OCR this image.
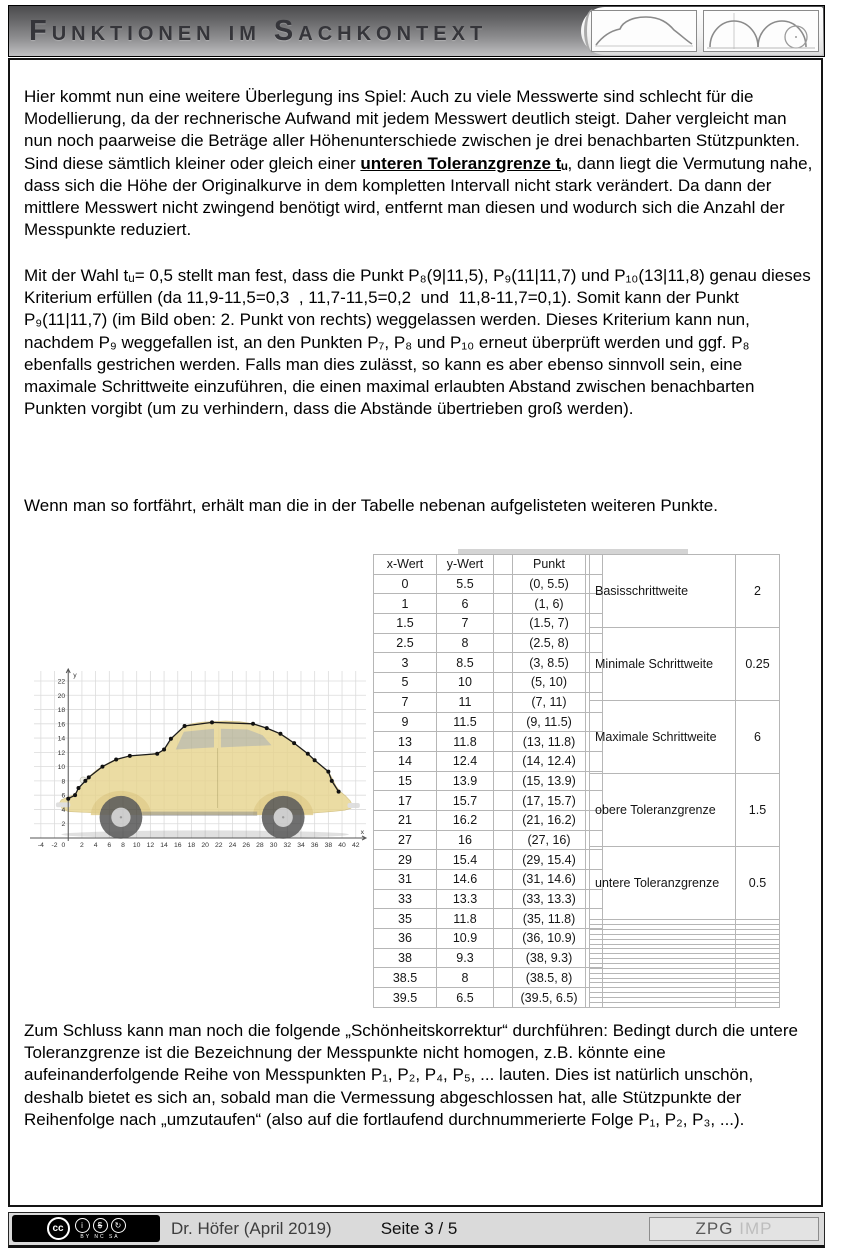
Funktionen im Sachkontext

Hier kommt nun eine weitere Überlegung ins Spiel: Auch zu viele Messwerte sind schlecht für die Modellierung, da der rechnerische Aufwand mit jedem Messwert deutlich steigt. Daher vergleicht man nun noch paarweise die Beträge aller Höhenunterschiede zwischen je drei benachbarten Stützpunkten. Sind diese sämtlich kleiner oder gleich einer unteren Toleranzgrenze tᵤ, dann liegt die Vermutung nahe, dass sich die Höhe der Originalkurve in dem kompletten Intervall nicht stark verändert. Da dann der mittlere Messwert nicht zwingend benötigt wird, entfernt man diesen und wodurch sich die Anzahl der Messpunkte reduziert.

Mit der Wahl tᵤ= 0,5 stellt man fest, dass die Punkt P₈(9|11,5), P₉(11|11,7) und P₁₀(13|11,8) genau dieses Kriterium erfüllen (da 11,9-11,5=0,3  , 11,7-11,5=0,2  und  11,8-11,7=0,1). Somit kann der Punkt P₉(11|11,7) (im Bild oben: 2. Punkt von rechts) weggelassen werden. Dieses Kriterium kann nun, nachdem P₉ weggefallen ist, an den Punkten P₇, P₈ und P₁₀ erneut überprüft werden und ggf. P₈ ebenfalls gestrichen werden. Falls man dies zulässt, so kann es aber ebenso sinnvoll sein, eine maximale Schrittweite einzuführen, die einen maximal erlaubten Abstand zwischen benachbarten Punkten vorgibt (um zu verhindern, dass die Abstände übertrieben groß werden).

Wenn man so fortfährt, erhält man die in der Tabelle nebenan aufgelisteten weiteren Punkte.

-4 -2 0 2 4 6 8 10 12 14 16 18 20 22 24 26 28 30 32 34 36 38 40 42
2
4
6
8
10
12
14
16
18
20
22
y
x
x-Wert	y-Wert		Punkt	
0	5.5		(0, 5.5)	
1	6		(1, 6)	
1.5	7		(1.5, 7)	
2.5	8		(2.5, 8)	
3	8.5		(3, 8.5)	
5	10		(5, 10)	
7	11		(7, 11)	
9	11.5		(9, 11.5)	
13	11.8		(13, 11.8)	
14	12.4		(14, 12.4)	
15	13.9		(15, 13.9)	
17	15.7		(17, 15.7)	
21	16.2		(21, 16.2)	
27	16		(27, 16)	
29	15.4		(29, 15.4)	
31	14.6		(31, 14.6)	
33	13.3		(33, 13.3)	
35	11.8		(35, 11.8)	
36	10.9		(36, 10.9)	
38	9.3		(38, 9.3)	
38.5	8		(38.5, 8)	
39.5	6.5		(39.5, 6.5)	
Basisschrittweite	2
Minimale Schrittweite	0.25
Maximale Schrittweite	6
obere Toleranzgrenze	1.5
untere Toleranzgrenze	0.5

Zum Schluss kann man noch die folgende „Schönheitskorrektur“ durchführen: Bedingt durch die untere Toleranzgrenze ist die Bezeichnung der Messpunkte nicht homogen, z.B. könnte eine aufeinanderfolgende Reihe von Messpunkten P₁, P₂, P₄, P₅, ... lauten. Dies ist natürlich unschön, deshalb bietet es sich an, sobald man die Vermessung abgeschlossen hat, alle Stützpunkte der Reihenfolge nach „umzutaufen“ (also auf die fortlaufend durchnummerierte Folge P₁, P₂, P₃, ...).

cc	i	$	↻
BY NC SA	Dr. Höfer (April 2019)	Seite 3 / 5	ZPG IMP
